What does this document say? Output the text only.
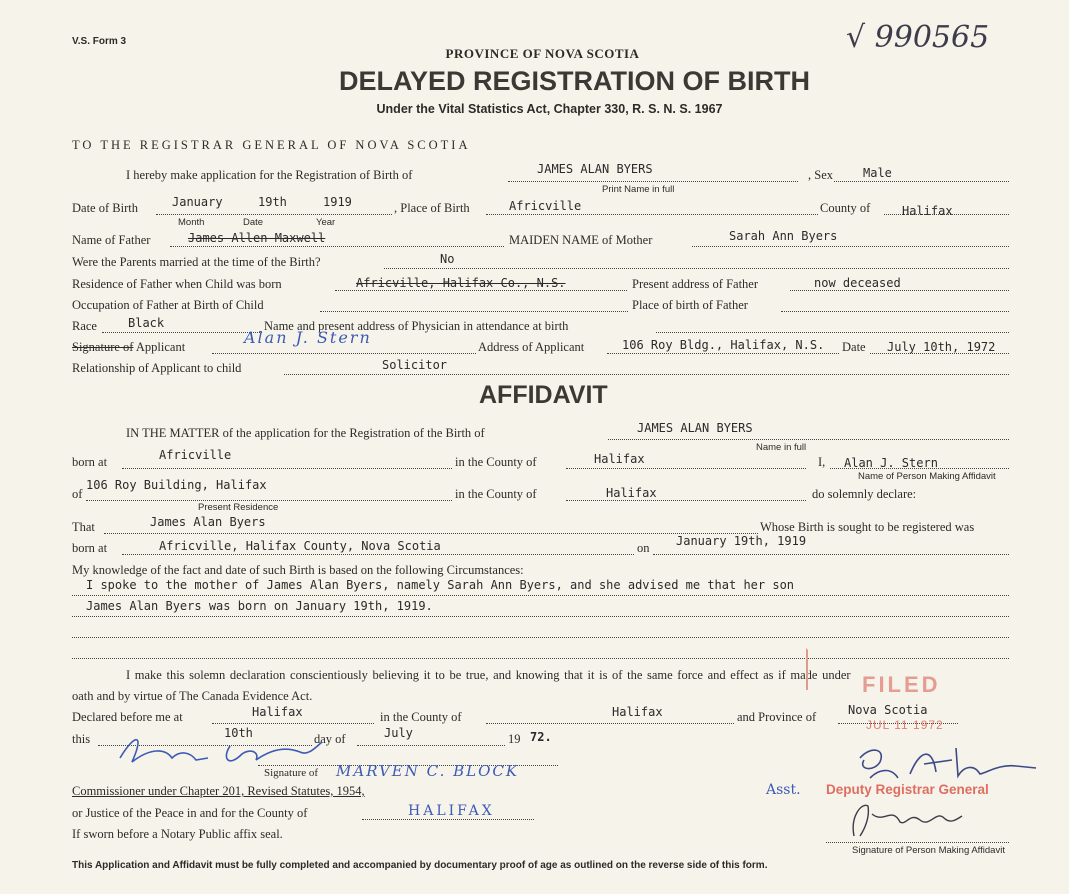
V.S. Form 3
PROVINCE OF NOVA SCOTIA
DELAYED REGISTRATION OF BIRTH
Under the Vital Statistics Act, Chapter 330, R. S. N. S. 1967
√ 990565
TO THE REGISTRAR GENERAL OF NOVA SCOTIA
I hereby make application for the Registration of Birth of	JAMES ALAN BYERS
Print Name in full
, Sex	Male
Date of Birth	January	19th	1919
Month	Date	Year
, Place of Birth	Africville	County of	Halifax
Name of Father	James Allen Maxwell	MAIDEN NAME of Mother	Sarah Ann Byers
Were the Parents married at the time of the Birth?	No
Residence of Father when Child was born	Africville, Halifax Co., N.S.	Present address of Father	now deceased
Occupation of Father at Birth of Child	Place of birth of Father
Race	Black	Name and present address of Physician in attendance at birth
Signature of Applicant	Alan J. Stern	Address of Applicant	106 Roy Bldg., Halifax, N.S. Date July 10th, 1972
Relationship of Applicant to child	Solicitor
AFFIDAVIT
IN THE MATTER of the application for the Registration of the Birth of	JAMES ALAN BYERS
Name in full
born at	Africville	in the County of	Halifax	I, Alan J. Stern
Name of Person Making Affidavit
of
106 Roy Building, Halifax
Present Residence
in the County of	Halifax	do solemnly declare:
That	James Alan Byers	Whose Birth is sought to be registered was
born at	Africville, Halifax County, Nova Scotia	on January 19th, 1919
My knowledge of the fact and date of such Birth is based on the following Circumstances:
I spoke to the mother of James Alan Byers, namely Sarah Ann Byers, and she advised me that her son
James Alan Byers was born on January 19th, 1919.
I make this solemn declaration conscientiously believing it to be true, and knowing that it is of the same force and effect as if made under
oath and by virtue of The Canada Evidence Act.
Declared before me at	Halifax	in the County of	Halifax	and Province of	Nova Scotia
this	10th	day of	July	19 72.
Signature of MARVEN C. BLOCK
Commissioner under Chapter 201, Revised Statutes, 1954,
or Justice of the Peace in and for the County of	HALIFAX
If sworn before a Notary Public affix seal.
Signature of Person Making Affidavit
FILED
JUL 11 1972
Asst. Deputy Registrar General
This Application and Affidavit must be fully completed and accompanied by documentary proof of age as outlined on the reverse side of this form.
